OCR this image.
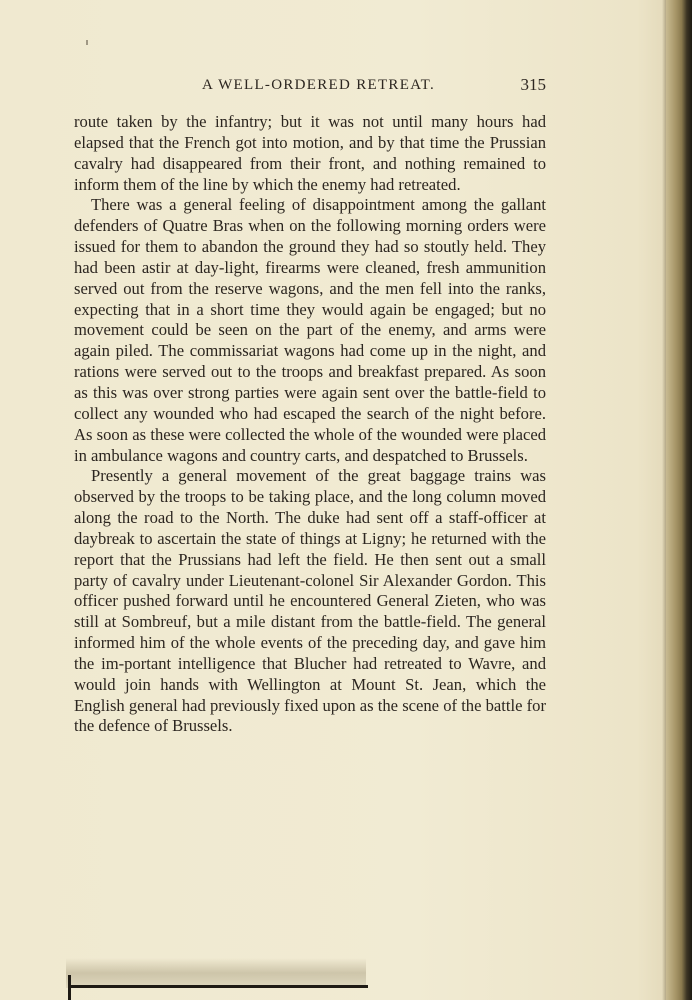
A WELL-ORDERED RETREAT.	315

route taken by the infantry; but it was not until many hours had elapsed that the French got into motion, and by that time the Prussian cavalry had disappeared from their front, and nothing remained to inform them of the line by which the enemy had retreated.

There was a general feeling of disappointment among the gallant defenders of Quatre Bras when on the following morning orders were issued for them to abandon the ground they had so stoutly held. They had been astir at day-light, firearms were cleaned, fresh ammunition served out from the reserve wagons, and the men fell into the ranks, expecting that in a short time they would again be engaged; but no movement could be seen on the part of the enemy, and arms were again piled. The commissariat wagons had come up in the night, and rations were served out to the troops and breakfast prepared. As soon as this was over strong parties were again sent over the battle-field to collect any wounded who had escaped the search of the night before. As soon as these were collected the whole of the wounded were placed in ambulance wagons and country carts, and despatched to Brussels.

Presently a general movement of the great baggage trains was observed by the troops to be taking place, and the long column moved along the road to the North. The duke had sent off a staff-officer at daybreak to ascertain the state of things at Ligny; he returned with the report that the Prussians had left the field. He then sent out a small party of cavalry under Lieutenant-colonel Sir Alexander Gordon. This officer pushed forward until he encountered General Zieten, who was still at Sombreuf, but a mile distant from the battle-field. The general informed him of the whole events of the preceding day, and gave him the im-portant intelligence that Blucher had retreated to Wavre, and would join hands with Wellington at Mount St. Jean, which the English general had previously fixed upon as the scene of the battle for the defence of Brussels.
